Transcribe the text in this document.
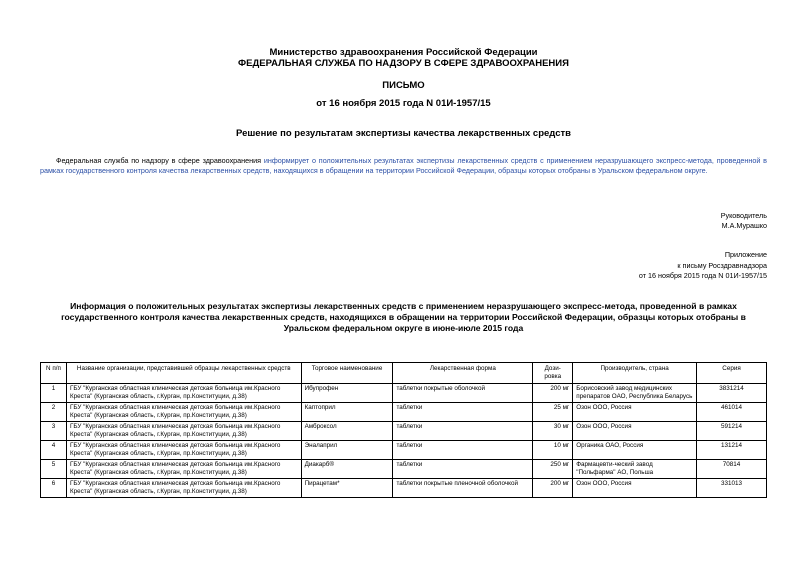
Министерство здравоохранения Российской Федерации
ФЕДЕРАЛЬНАЯ СЛУЖБА ПО НАДЗОРУ В СФЕРЕ ЗДРАВООХРАНЕНИЯ
ПИСЬМО
от 16 ноября 2015 года N 01И-1957/15
Решение по результатам экспертизы качества лекарственных средств
Федеральная служба по надзору в сфере здравоохранения информирует о положительных результатах экспертизы лекарственных средств с применением неразрушающего экспресс-метода, проведенной в рамках государственного контроля качества лекарственных средств, находящихся в обращении на территории Российской Федерации, образцы которых отобраны в Уральском федеральном округе.
Руководитель
М.А.Мурашко
Приложение
к письму Росздравнадзора
от 16 ноября 2015 года N 01И-1957/15
Информация о положительных результатах экспертизы лекарственных средств с применением неразрушающего экспресс-метода, проведенной в рамках государственного контроля качества лекарственных средств, находящихся в обращении на территории Российской Федерации, образцы которых отобраны в Уральском федеральном округе в июне-июле 2015 года
N п/п	Название организации, представившей образцы лекарственных средств	Торговое наименование	Лекарственная форма	Дози-ровка	Производитель, страна	Серия
1	ГБУ "Курганская областная клиническая детская больница им.Красного Креста" (Курганская область, г.Курган, пр.Конституции, д.38)	Ибупрофен	таблетки покрытые оболочкой	200 мг	Борисовский завод медицинских препаратов ОАО, Республика Беларусь	3831214
2	ГБУ "Курганская областная клиническая детская больница им.Красного Креста" (Курганская область, г.Курган, пр.Конституции, д.38)	Каптоприл	таблетки	25 мг	Озон ООО, Россия	461014
3	ГБУ "Курганская областная клиническая детская больница им.Красного Креста" (Курганская область, г.Курган, пр.Конституции, д.38)	Амброксол	таблетки	30 мг	Озон ООО, Россия	591214
4	ГБУ "Курганская областная клиническая детская больница им.Красного Креста" (Курганская область, г.Курган, пр.Конституции, д.38)	Эналаприл	таблетки	10 мг	Органика ОАО, Россия	131214
5	ГБУ "Курганская областная клиническая детская больница им.Красного Креста" (Курганская область, г.Курган, пр.Конституции, д.38)	Диакарб®	таблетки	250 мг	Фармацевти-ческий завод "Польфарма" АО, Польша	70814
6	ГБУ "Курганская областная клиническая детская больница им.Красного Креста" (Курганская область, г.Курган, пр.Конституции, д.38)	Пирацетам*	таблетки покрытые пленочной оболочкой	200 мг	Озон ООО, Россия	331013
